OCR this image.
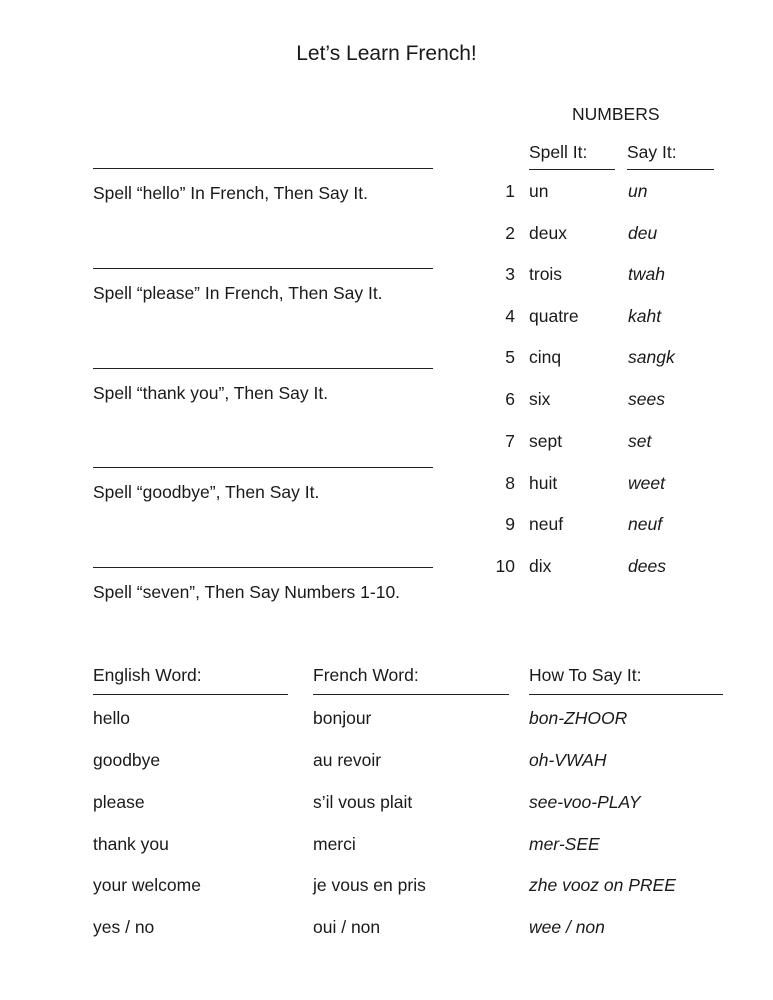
Let’s Learn French!
Spell “hello” In French, Then Say It.
Spell “please” In French, Then Say It.
Spell “thank you”, Then Say It.
Spell “goodbye”, Then Say It.
Spell “seven”, Then Say Numbers 1-10.
NUMBERS
Spell It:	Say It:
1 un	un
2 deux	deu
3 trois	twah
4 quatre	kaht
5 cinq	sangk
6 six	sees
7 sept	set
8 huit	weet
9 neuf	neuf
10 dix	dees
English Word:	French Word:	How To Say It:
hello	bonjour	bon-ZHOOR
goodbye	au revoir	oh-VWAH
please	s’il vous plait	see-voo-PLAY
thank you	merci	mer-SEE
your welcome	je vous en pris	zhe vooz on PREE
yes / no	oui / non	wee / non
